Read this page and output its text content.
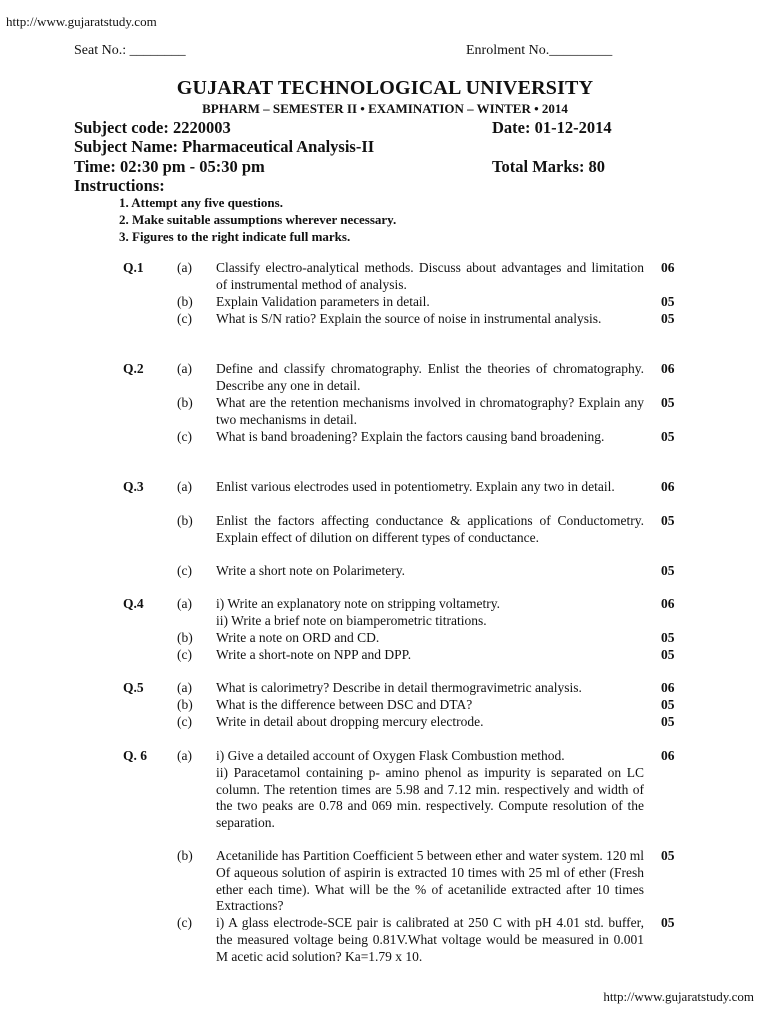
http://www.gujaratstudy.com
Seat No.: ________	Enrolment No._________
GUJARAT TECHNOLOGICAL UNIVERSITY
BPHARM – SEMESTER II • EXAMINATION – WINTER • 2014
Subject code: 2220003	Date: 01-12-2014
Subject Name: Pharmaceutical Analysis-II
Time: 02:30 pm - 05:30 pm	Total Marks: 80
Instructions:
1. Attempt any five questions.
2. Make suitable assumptions wherever necessary.
3. Figures to the right indicate full marks.
Q.1 (a) Classify electro-analytical methods. Discuss about advantages and limitation of instrumental method of analysis.
06
(b) Explain Validation parameters in detail.	05
(c) What is S/N ratio? Explain the source of noise in instrumental analysis.	05
Q.2 (a) Define and classify chromatography. Enlist the theories of chromatography. Describe any one in detail.
06
(b) What are the retention mechanisms involved in chromatography? Explain any two mechanisms in detail.
05
(c) What is band broadening? Explain the factors causing band broadening.	05
Q.3 (a) Enlist various electrodes used in potentiometry. Explain any two in detail.	06
(b) Enlist the factors affecting conductance & applications of Conductometry. Explain effect of dilution on different types of conductance.
05
(c) Write a short note on Polarimetery.	05
Q.4 (a) i) Write an explanatory note on stripping voltametry.
ii) Write a brief note on biamperometric titrations.
06
(b) Write a note on ORD and CD.	05
(c) Write a short-note on NPP and DPP.	05
Q.5 (a) What is calorimetry? Describe in detail thermogravimetric analysis.	06
(b) What is the difference between DSC and DTA?	05
(c) Write in detail about dropping mercury electrode.	05
Q. 6 (a) i) Give a detailed account of Oxygen Flask Combustion method.
ii) Paracetamol containing p- amino phenol as impurity is separated on LC column. The retention times are 5.98 and 7.12 min. respectively and width of the two peaks are 0.78 and 069 min. respectively. Compute resolution of the separation.
06
(b) Acetanilide has Partition Coefficient 5 between ether and water system. 120 ml Of aqueous solution of aspirin is extracted 10 times with 25 ml of ether (Fresh ether each time). What will be the % of acetanilide extracted after 10 times Extractions?
05
(c) i) A glass electrode-SCE pair is calibrated at 250 C with pH 4.01 std. buffer, the measured voltage being 0.81V.What voltage would be measured in 0.001 M acetic acid solution? Ka=1.79 x 10.
05
http://www.gujaratstudy.com
